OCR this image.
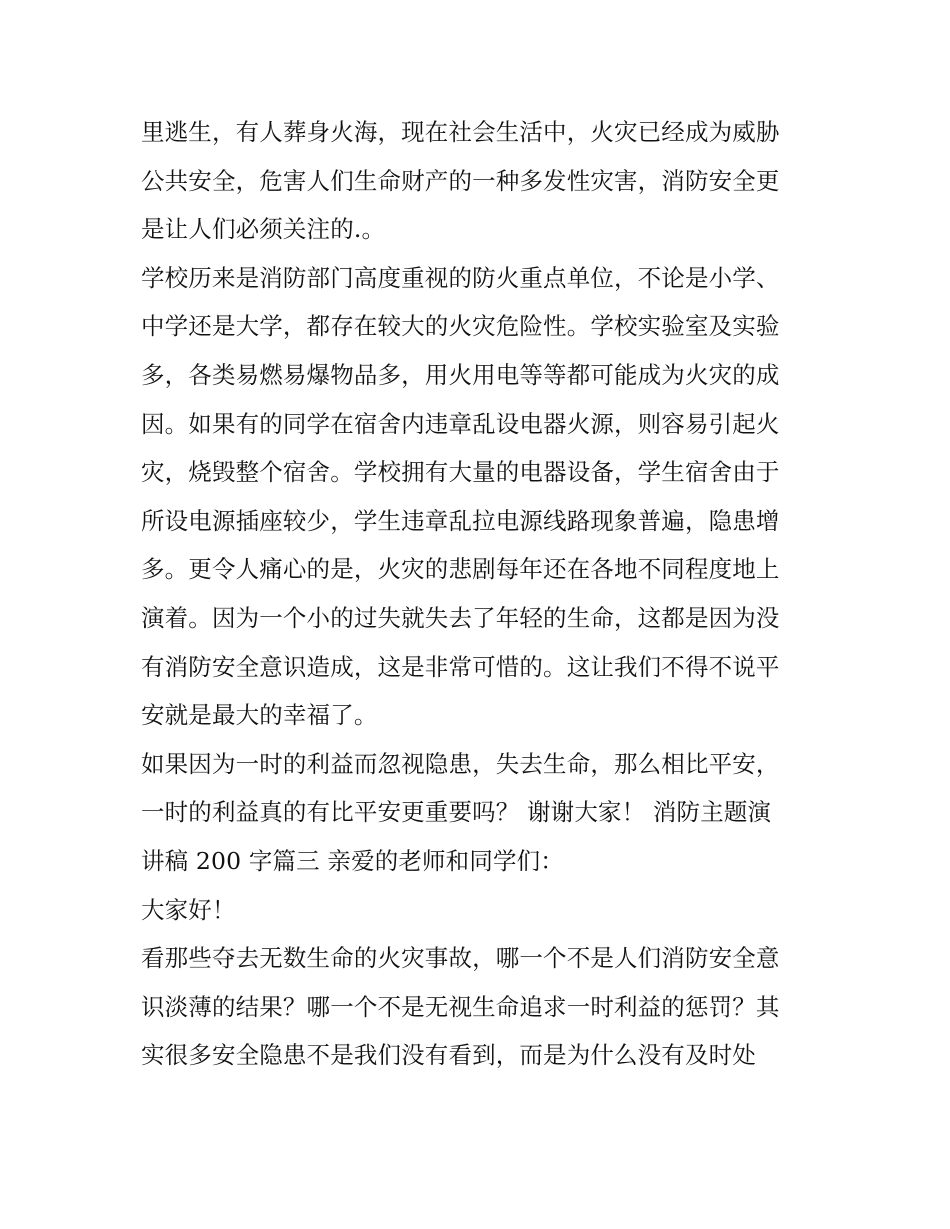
里逃生，有人葬身火海，现在社会生活中，火灾已经成为威胁
公共安全，危害人们生命财产的一种多发性灾害，消防安全更
是让人们必须关注的.。
学校历来是消防部门高度重视的防火重点单位，不论是小学、
中学还是大学，都存在较大的火灾危险性。学校实验室及实验
多，各类易燃易爆物品多，用火用电等等都可能成为火灾的成
因。如果有的同学在宿舍内违章乱设电器火源，则容易引起火
灾，烧毁整个宿舍。学校拥有大量的电器设备，学生宿舍由于
所设电源插座较少，学生违章乱拉电源线路现象普遍，隐患增
多。更令人痛心的是，火灾的悲剧每年还在各地不同程度地上
演着。因为一个小的过失就失去了年轻的生命，这都是因为没
有消防安全意识造成，这是非常可惜的。这让我们不得不说平
安就是最大的幸福了。
如果因为一时的利益而忽视隐患，失去生命，那么相比平安，
一时的利益真的有比平安更重要吗？ 谢谢大家！ 消防主题演
讲稿 200 字篇三 亲爱的老师和同学们：
大家好！
看那些夺去无数生命的火灾事故，哪一个不是人们消防安全意
识淡薄的结果？哪一个不是无视生命追求一时利益的惩罚？其
实很多安全隐患不是我们没有看到，而是为什么没有及时处
